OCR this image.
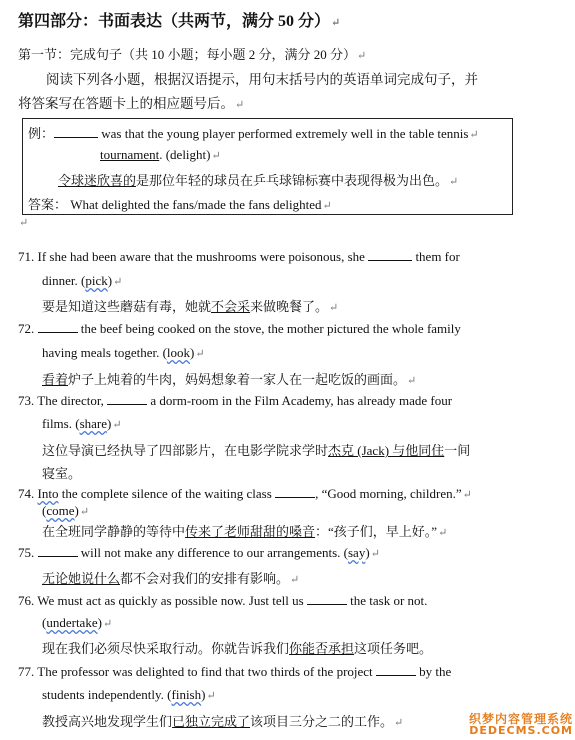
第四部分：书面表达（共两节，满分 50 分）↵
第一节：完成句子（共 10 小题；每小题 2 分，满分 20 分）↵
阅读下列各小题，根据汉语提示，用句末括号内的英语单词完成句子，并
将答案写在答题卡上的相应题号后。↵
例：	was that the young player performed extremely well in the table tennis↵
tournament. (delight)↵
令球迷欣喜的是那位年轻的球员在乒乓球锦标赛中表现得极为出色。↵
答案： What delighted the fans/made the fans delighted↵
↵
71. If she had been aware that the mushrooms were poisonous, she	them for
dinner. (pick)↵
要是知道这些蘑菇有毒，她就不会采来做晚餐了。↵
72.	the beef being cooked on the stove, the mother pictured the whole family
having meals together. (look)↵
看着炉子上炖着的牛肉，妈妈想象着一家人在一起吃饭的画面。↵
73. The director,	a dorm-room in the Film Academy, has already made four
films. (share)↵
这位导演已经执导了四部影片，在电影学院求学时杰克 (Jack) 与他同住一间
寝室。
74. Into the complete silence of the waiting class	, “Good morning, children.”↵
(come)↵
在全班同学静静的等待中传来了老师甜甜的嗓音：“孩子们，早上好。”↵
75.	will not make any difference to our arrangements. (say)↵
无论她说什么都不会对我们的安排有影响。↵
76. We must act as quickly as possible now. Just tell us	the task or not.
(undertake)↵
现在我们必须尽快采取行动。你就告诉我们你能否承担这项任务吧。
77. The professor was delighted to find that two thirds of the project	by the
students independently. (finish)↵
教授高兴地发现学生们已独立完成了该项目三分之二的工作。↵	织梦内容管理系统
DEDECMS.COM
